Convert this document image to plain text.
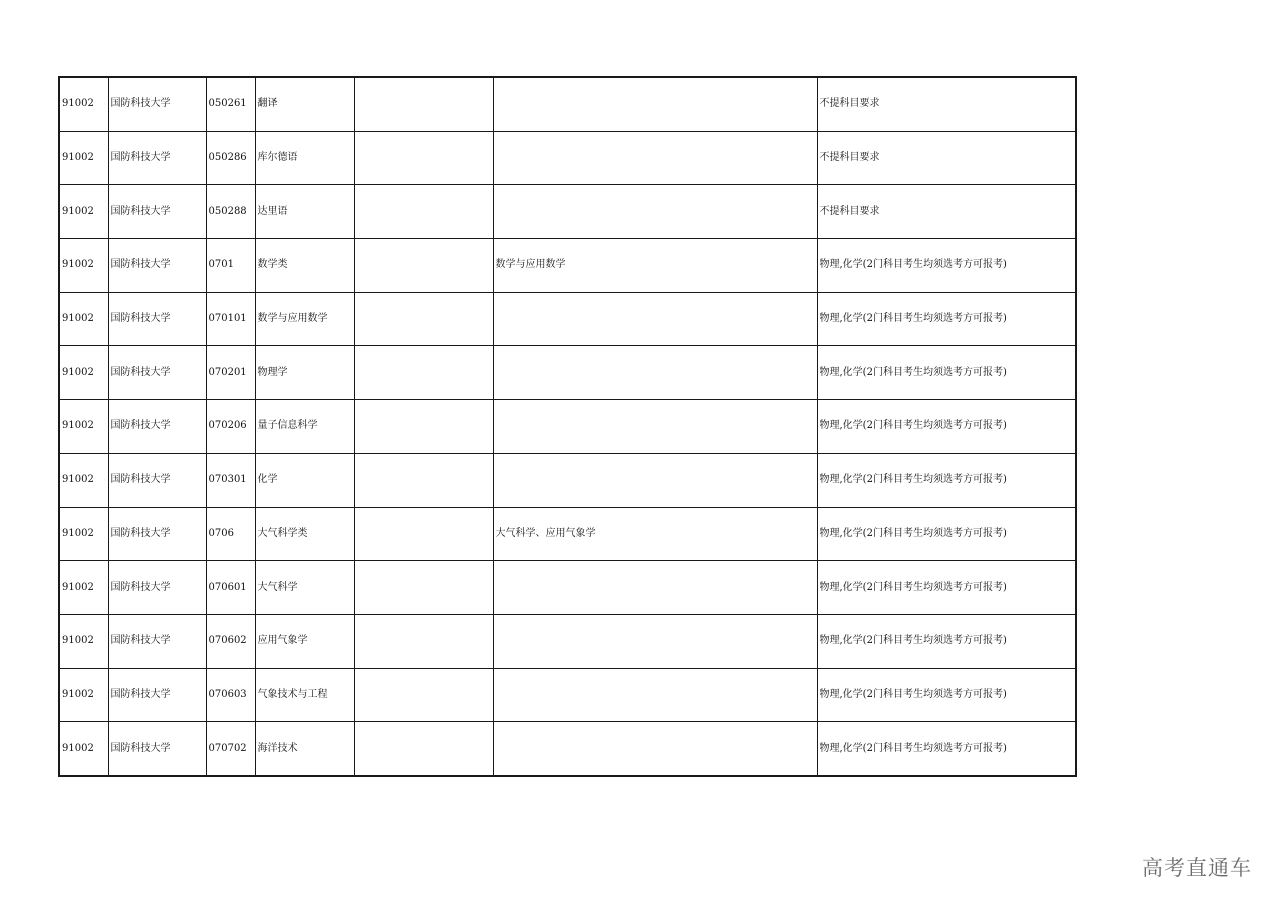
91002	国防科技大学	050261	翻译			不提科目要求
91002	国防科技大学	050286	库尔德语			不提科目要求
91002	国防科技大学	050288	达里语			不提科目要求
91002	国防科技大学	0701	数学类		数学与应用数学	物理,化学(2门科目考生均须选考方可报考)
91002	国防科技大学	070101	数学与应用数学			物理,化学(2门科目考生均须选考方可报考)
91002	国防科技大学	070201	物理学			物理,化学(2门科目考生均须选考方可报考)
91002	国防科技大学	070206	量子信息科学			物理,化学(2门科目考生均须选考方可报考)
91002	国防科技大学	070301	化学			物理,化学(2门科目考生均须选考方可报考)
91002	国防科技大学	0706	大气科学类		大气科学、应用气象学	物理,化学(2门科目考生均须选考方可报考)
91002	国防科技大学	070601	大气科学			物理,化学(2门科目考生均须选考方可报考)
91002	国防科技大学	070602	应用气象学			物理,化学(2门科目考生均须选考方可报考)
91002	国防科技大学	070603	气象技术与工程			物理,化学(2门科目考生均须选考方可报考)
91002	国防科技大学	070702	海洋技术			物理,化学(2门科目考生均须选考方可报考)
高考直通车
